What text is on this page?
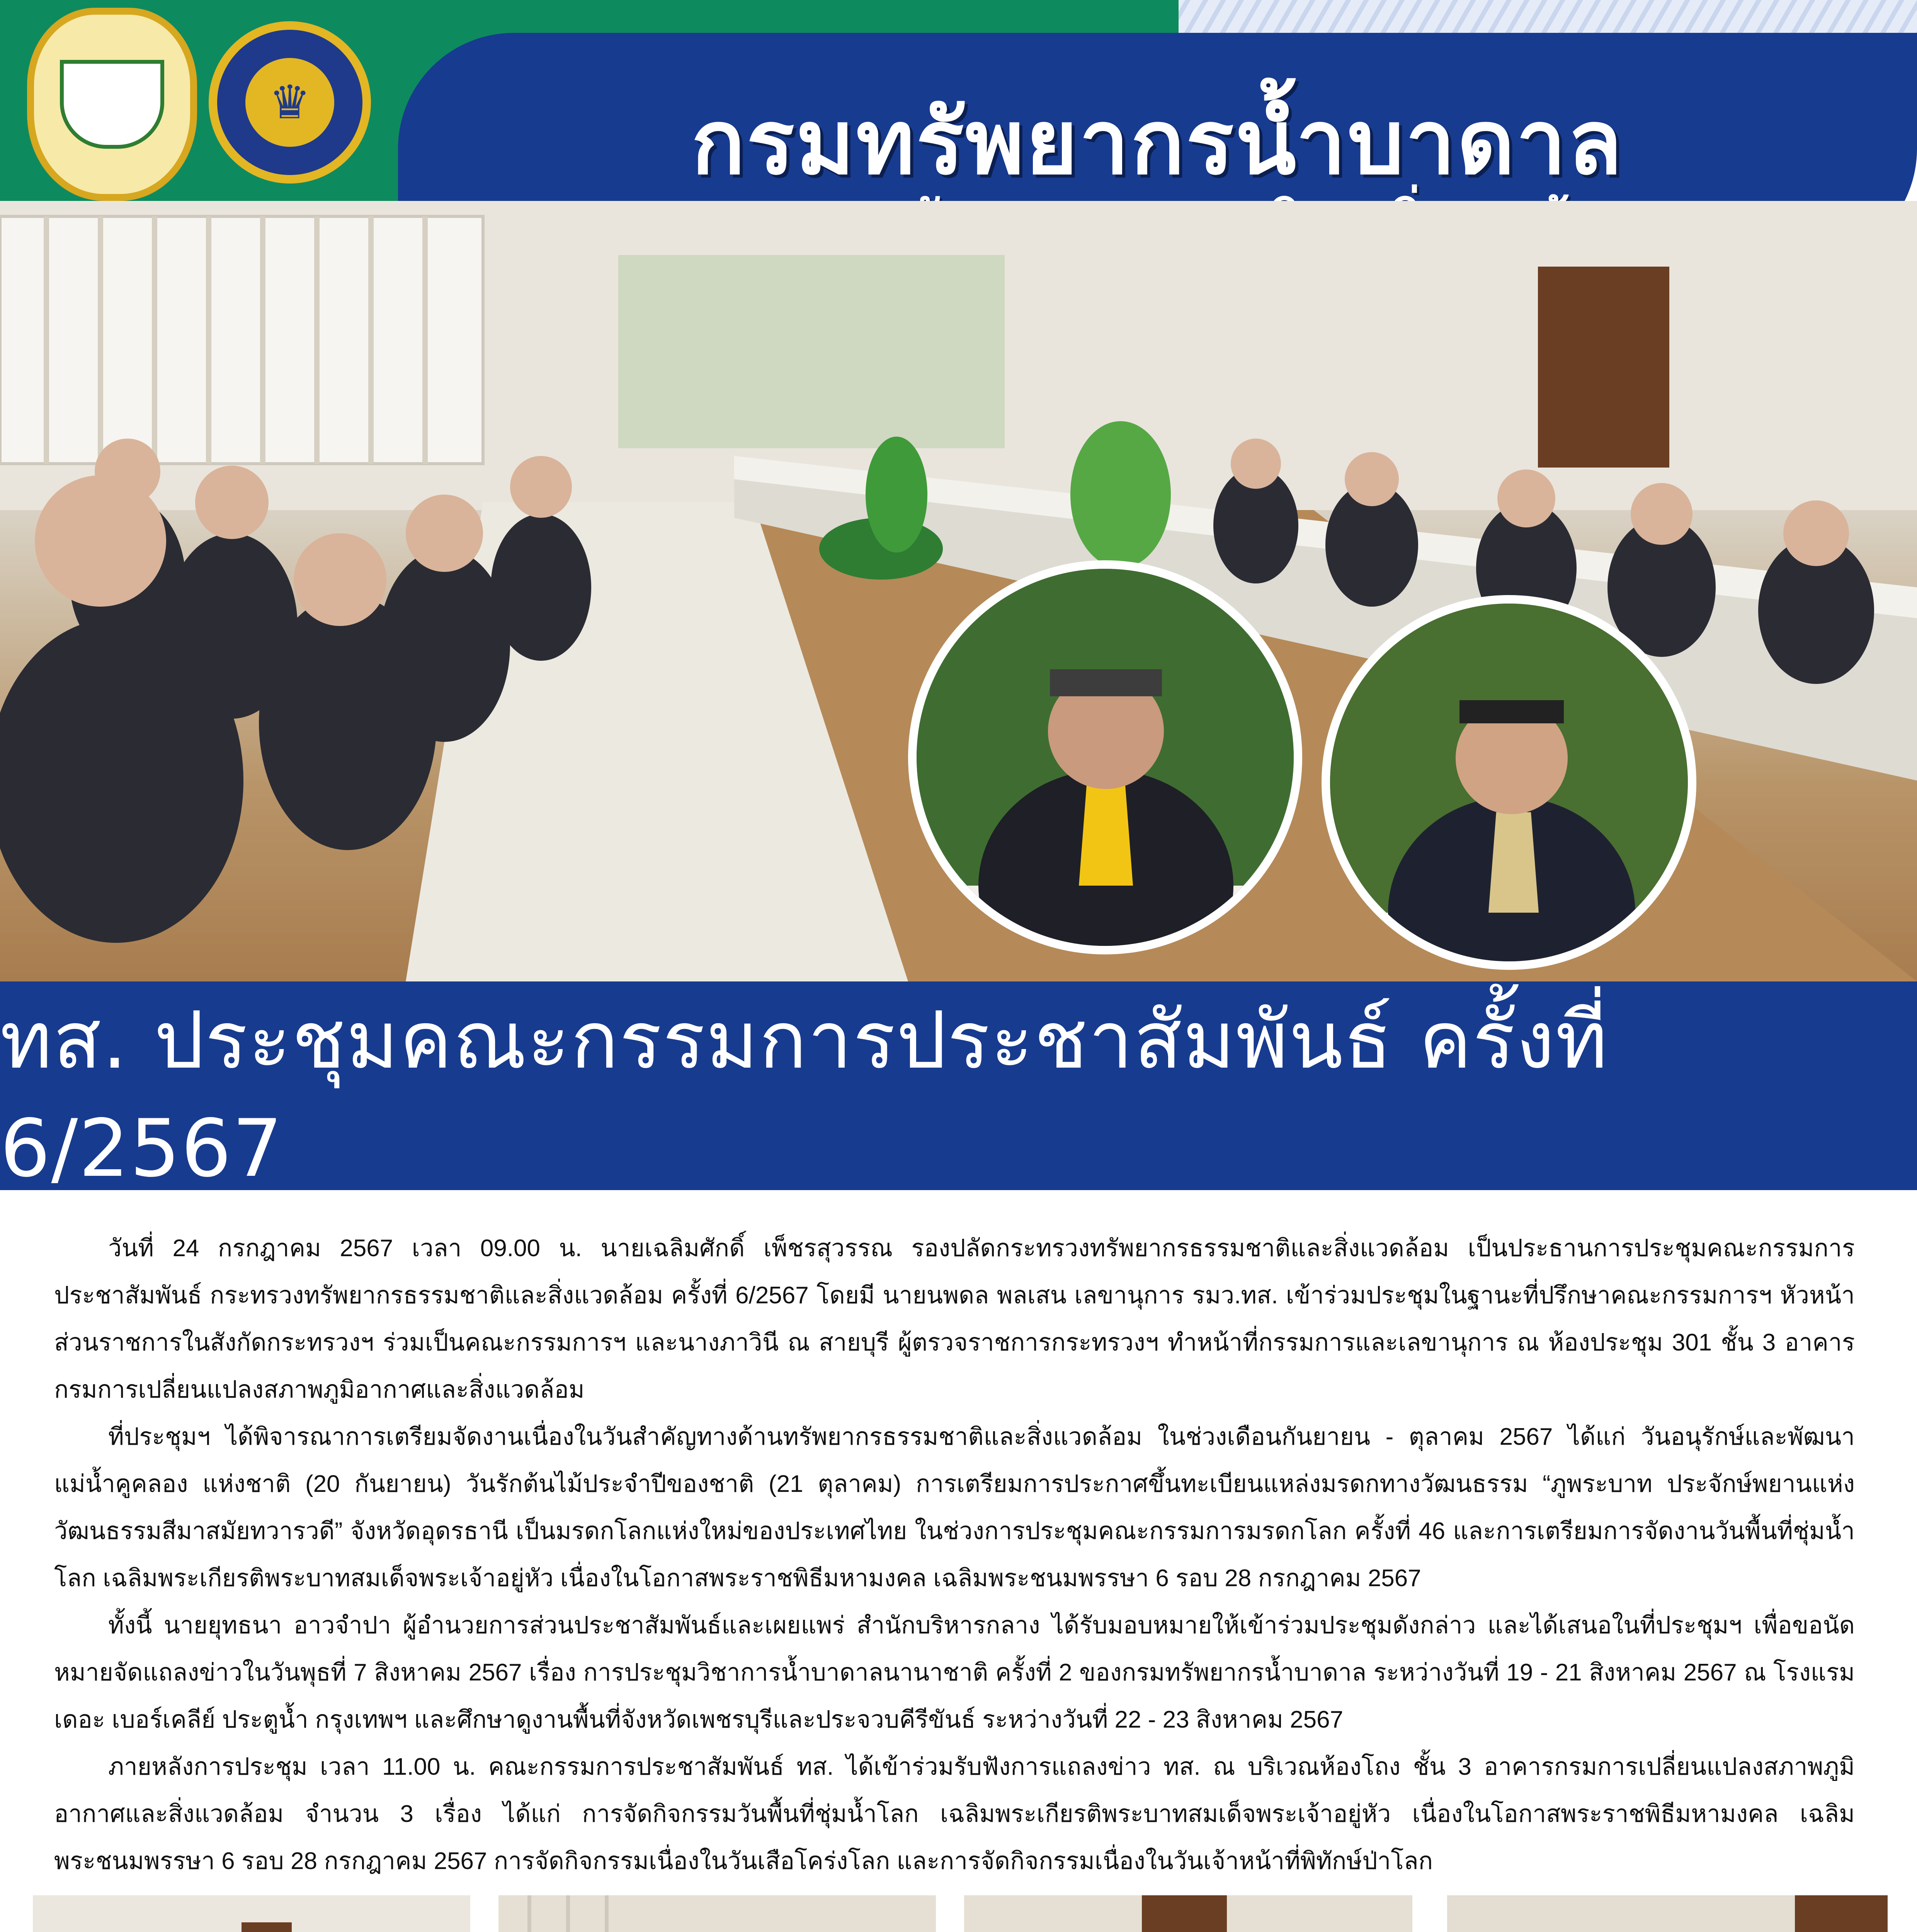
♛	กรมทรัพยากรน้ำบาดาล
ทส. ประชุมคณะกรรมการประชาสัมพันธ์ ครั้งที่ 6/2567

วันที่ 24 กรกฎาคม 2567 เวลา 09.00 น. นายเฉลิมศักดิ์ เพ็ชรสุวรรณ รองปลัดกระทรวงทรัพยากรธรรมชาติและสิ่งแวดล้อม เป็นประธานการประชุมคณะกรรมการประชาสัมพันธ์ กระทรวงทรัพยากรธรรมชาติและสิ่งแวดล้อม ครั้งที่ 6/2567 โดยมี นายนพดล พลเสน เลขานุการ รมว.ทส. เข้าร่วมประชุมในฐานะที่ปรึกษาคณะกรรมการฯ หัวหน้าส่วนราชการในสังกัดกระทรวงฯ ร่วมเป็นคณะกรรมการฯ และนางภาวินี ณ สายบุรี ผู้ตรวจราชการกระทรวงฯ ทำหน้าที่กรรมการและเลขานุการ ณ ห้องประชุม 301 ชั้น 3 อาคารกรมการเปลี่ยนแปลงสภาพภูมิอากาศและสิ่งแวดล้อม

ที่ประชุมฯ ได้พิจารณาการเตรียมจัดงานเนื่องในวันสำคัญทางด้านทรัพยากรธรรมชาติและสิ่งแวดล้อม ในช่วงเดือนกันยายน - ตุลาคม 2567 ได้แก่ วันอนุรักษ์และพัฒนาแม่น้ำคูคลอง แห่งชาติ (20 กันยายน) วันรักต้นไม้ประจำปีของชาติ (21 ตุลาคม) การเตรียมการประกาศขึ้นทะเบียนแหล่งมรดกทางวัฒนธรรม “ภูพระบาท ประจักษ์พยานแห่งวัฒนธรรมสีมาสมัยทวารวดี” จังหวัดอุดรธานี เป็นมรดกโลกแห่งใหม่ของประเทศไทย ในช่วงการประชุมคณะกรรมการมรดกโลก ครั้งที่ 46 และการเตรียมการจัดงานวันพื้นที่ชุ่มน้ำโลก เฉลิมพระเกียรติพระบาทสมเด็จพระเจ้าอยู่หัว เนื่องในโอกาสพระราชพิธีมหามงคล เฉลิมพระชนมพรรษา 6 รอบ 28 กรกฎาคม 2567

ทั้งนี้ นายยุทธนา อาวจำปา ผู้อำนวยการส่วนประชาสัมพันธ์และเผยแพร่ สำนักบริหารกลาง ได้รับมอบหมายให้เข้าร่วมประชุมดังกล่าว และได้เสนอในที่ประชุมฯ เพื่อขอนัดหมายจัดแถลงข่าวในวันพุธที่ 7 สิงหาคม 2567 เรื่อง การประชุมวิชาการน้ำบาดาลนานาชาติ ครั้งที่ 2 ของกรมทรัพยากรน้ำบาดาล ระหว่างวันที่ 19 - 21 สิงหาคม 2567 ณ โรงแรม เดอะ เบอร์เคลีย์ ประตูน้ำ กรุงเทพฯ และศึกษาดูงานพื้นที่จังหวัดเพชรบุรีและประจวบคีรีขันธ์ ระหว่างวันที่ 22 - 23 สิงหาคม 2567

ภายหลังการประชุม เวลา 11.00 น. คณะกรรมการประชาสัมพันธ์ ทส. ได้เข้าร่วมรับฟังการแถลงข่าว ทส. ณ บริเวณห้องโถง ชั้น 3 อาคารกรมการเปลี่ยนแปลงสภาพภูมิอากาศและสิ่งแวดล้อม จำนวน 3 เรื่อง ได้แก่ การจัดกิจกรรมวันพื้นที่ชุ่มน้ำโลก เฉลิมพระเกียรติพระบาทสมเด็จพระเจ้าอยู่หัว เนื่องในโอกาสพระราชพิธีมหามงคล เฉลิมพระชนมพรรษา 6 รอบ 28 กรกฎาคม 2567 การจัดกิจกรรมเนื่องในวันเสือโคร่งโลก และการจัดกิจกรรมเนื่องในวันเจ้าหน้าที่พิทักษ์ป่าโลก
